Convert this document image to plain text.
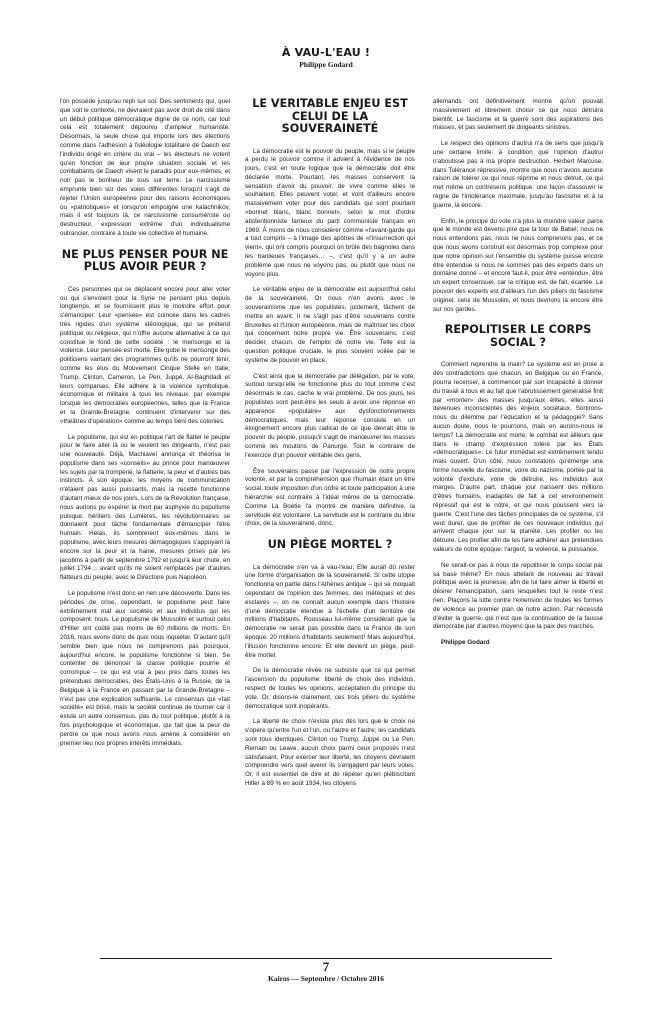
À VAU-L'EAU !
Philippe Godard

l'on possède jusqu'au repli sur soi. Des sentiments qui, quel que soit le contexte, ne devraient pas avoir droit de cité dans un début politique démocratique digne de ce nom, car tout cela est totalement dépourvu d'ampleur humaniste. Désormais, la seule chose qui importe lors des élections comme dans l'adhésion à l'idéologie totalitaire de Daech est l'individu érigé en critère du vrai – les électeurs ne votent qu'en fonction de leur propre situation sociale et les combattants de Daech visent le paradis pour eux-mêmes, et non pas le bonheur de tous sur terre. Le narcissisme emprunte bien sûr des voies différentes lorsqu'il s'agit de rejeter l'Union européenne pour des raisons économiques ou «patriotiques» et lorsqu'on empoigne une kalachnikov, mais il est toujours là, ce narcissisme consumériste ou destructeur, expression extrême d'un individualisme outrancier, contraire à toute vie collective et humaine.

NE PLUS PENSER POUR NE PLUS AVOIR PEUR ?

Ces personnes qui se déplacent encore pour aller voter ou qui s'envolent pour la Syrie ne pensent plus depuis longtemps, et se fournissent plus le moindre effort pour s'émanciper. Leur «pensée» est coincée dans les cadres très rigides d'un système idéologique, qui se prétend politique ou religieux, qui n'offre aucune alternative à ce qui constitue le fond de cette société : le mensonge et la violence. Leur pensée est morte. Elle gobe le mensonge des politiciens vantant des programmes qu'ils ne pourront tenir, comme les élus du Mouvement Cinque Stelle en Italie, Trump, Clinton, Cameron, Le Pen, Juppé, Al-Baghdadi et leurs comparses. Elle adhère à la violence symbolique, économique et militaire à tous les niveaux, par exemple lorsque les démocraties européennes, telles que la France et la Grande-Bretagne, continuent d'intervenir sur des «théâtres d'opération» comme au temps béni des colonies.

Le populisme, qui est en politique l'art de flatter le peuple pour le faire aller là où le veulent les dirigeants, n'est pas une nouveauté. Déjà, Machiavel annonça et théorisa le populisme dans ses «conseils» au prince pour manœuvrer les sujets par la tromperie, la flatterie, la peur et d'autres bas instincts. À son époque, les moyens de communication n'étaient pas aussi puissants, mais la recette fonctionne d'autant mieux de nos jours. Lors de la Révolution française, nous aurions pu espérer la mort par asphyxie du populisme puisque, héritiers des Lumières, les révolutionnaires se donnaient pour tâche fondamentale d'émanciper l'être humain. Hélas, ils sombrèrent eux-mêmes dans le populisme, avec leurs mesures démagogiques s'appuyant là encore sur la peur et la haine, mesures prises par les jacobins à partir de septembre 1792 et jusqu'à leur chute, en juillet 1794… avant qu'ils ne soient remplacés par d'autres flatteurs du peuple, avec le Directoire puis Napoléon.

Le populisme n'est donc en rien une découverte. Dans les périodes de crise, cependant, le populisme peut faire extrêmement mal aux sociétés et aux individus qui les composent: nous. Le populisme de Mussolini et surtout celui d'Hitler ont coûté pas moins de 60 millions de morts. En 2016, nous avons donc de quoi nous inquiéter. D'autant qu'il semble bien que nous ne comprenons pas pourquoi, aujourd'hui encore, le populisme fonctionne si bien. Se contenter de dénoncer la classe politique pourrie et corrompue – ce qui est vrai à peu près dans toutes les prétendues démocraties, des États-Unis à la Russie, de la Belgique à la France en passant par la Grande-Bretagne – n'est pas une explication suffisante. Le consensus qui «fait société» est brisé, mais la société continue de tourner car il existe un autre consensus, pas du tout politique, plutôt à la fois psychologique et économique, qui fait que la peur de perdre ce que nous avons nous amène à considérer en premier lieu nos propres intérêts immédiats.

LE VÉRITABLE ENJEU EST CELUI DE LA SOUVERAINETÉ

La démocratie est le pouvoir du peuple, mais si le peuple a perdu le pouvoir comme il advient à l'évidence de nos jours, c'est en toute logique que la démocratie doit être déclarée morte. Pourtant, les masses conservent la sensation d'avoir du pouvoir, de vivre comme elles le souhaitent. Elles peuvent voter, et vont d'ailleurs encore massivement voter pour des candidats qui sont pourtant «bonnet blanc, blanc bonnet», selon le mot d'ordre abstentionniste fameux du parti communiste français en 1969. À moins de nous considérer comme «l'avant-garde qui a tout compris – à l'image des apôtres de «l'insurrection qui vient», qui ont compris pourquoi on brûle des bagnoles dans les banlieues françaises… –, c'est qu'il y a un autre problème que nous ne voyons pas, ou plutôt que nous ne voyons plus.

Le véritable enjeu de la démocratie est aujourd'hui celui de la souveraineté. Or nous n'en avons avec le souverainisme que les populistes, justement, tâchent de mettre en avant. Il ne s'agit pas d'être souverains contre Bruxelles et l'Union européenne, mais de maîtriser les choix qui concernent notre propre vie. Être souverains, c'est décider, chacun, de l'emploi de notre vie. Telle est la question politique cruciale, le plus souvent voilée par le système de pouvoir en place.

C'est ainsi que la démocratie par délégation, par le vote, surtout lorsqu'elle ne fonctionne plus du tout comme c'est désormais le cas, cache le vrai problème. De nos jours, les populistes sont peut-être les seuls à avoir une réponse en apparence «populaire» aux dysfonctionnements démocratiques, mais leur réponse consiste en un éloignement encore plus radical de ce que devrait être le pouvoir du peuple, puisqu'il s'agit de manœuvrer les masses comme les moutons de Panurge. Tout le contraire de l'exercice d'un pouvoir véritable des gens.

Être souverains passe par l'expression de notre propre volonté, et par la compréhension que l'humain étant un être social, toute imposition d'un ordre et toute participation à une hiérarchie est contraire à l'idéal même de la démocratie. Comme La Boétie l'a montré de manière définitive, la servitude est volontaire. La servitude est le contraire du libre choix, de la souveraineté, donc.

UN PIÈGE MORTEL ?

La démocratie s'en va à vau-l'eau. Elle aurait dû rester une forme d'organisation de la souveraineté. Si cette utopie fonctionna en partie dans l'Athènes antique – qui se moquait cependant de l'opinion des femmes, des métèques et des esclaves –, on ne connaît aucun exemple dans l'histoire d'une démocratie étendue à l'échelle d'un territoire de millions d'habitants. Rousseau lui-même considérait que la démocratie ne serait pas possible dans la France de son époque: 20 millions d'habitants seulement! Mais aujourd'hui, l'illusion fonctionne encore. Et elle devient un piège, peut-être mortel.

De la démocratie rêvée ne subsiste que ce qui permet l'ascension du populisme: liberté de choix des individus, respect de toutes les opinions, acceptation du principe du vote. Or, disons-le clairement, ces trois piliers du système démocratique sont inopérants.

La liberté de choix n'existe plus dès lors que le choix ne s'opère qu'entre l'un et l'un, ou l'autre et l'autre; les candidats sont tous identiques. Clinton ou Trump, Juppé ou Le Pen, Remain ou Leave, aucun choix parmi ceux proposés n'est satisfaisant. Pour exercer leur liberté, les citoyens devraient comprendre vers quel avenir ils s'engagent par leurs votes. Or, il est essentiel de dire et de répéter qu'en plébiscitant Hitler à 89 % en août 1934, les citoyens

allemands ont définitivement montré qu'on pouvait massivement et librement choisir ce qui nous détruira bientôt. Le fascisme et la guerre sont des aspirations des masses, et pas seulement de dirigeants sinistres.

Le respect des opinions d'autrui n'a de sens que jusqu'à une certaine limite: à condition que l'opinion d'autrui n'aboutisse pas à ma propre destruction. Herbert Marcuse, dans Tolérance répressive, montre que nous n'avons aucune raison de tolérer ce qui nous réprime et nous détruit, ce qui met même un contresens politique: une façon d'assouvir le règne de l'intolérance maximale, jusqu'au fascisme et à la guerre, là encore.

Enfin, le principe du vote n'a plus la moindre valeur parce que le monde est devenu pire que la tour de Babel: nous ne nous entendons pas, nous ne nous comprenons pas, et ce que nous avons construit est désormais trop complexe pour que notre opinion sur l'ensemble du système puisse encore être entendue si nous ne sommes pas des experts dans un domaine donné – et encore faut-il, pour être «entendu», être un expert consensuel, car la critique est, de fait, écartée. Le pouvoir des experts est d'ailleurs l'un des piliers du fascisme originel, celui de Mussolini, et nous devrions là encore être sur nos gardes.

REPOLITISER LE CORPS SOCIAL ?

Comment reprendre la main? Le système est en proie à des contradictions que chacun, en Belgique ou en France, pourra recenser, à commencer par son incapacité à donner du travail à tous et au fait que l'abrutissement généralisé finit par «monter» des masses jusqu'aux élites, elles aussi devenues inconscientes des enjeux sociétaux. Sortirons-nous du dilemme par l'éducation et la pédagogie? Sans aucun doute, nous le pourrions, mais en aurons-nous le temps? La démocratie est morte; le combat est ailleurs que dans le champ d'expression toléré par les États «démocratiques». Le futur immédiat est extrêmement tendu mais ouvert. D'un côté, nous constatons qu'émerge une forme nouvelle du fascisme, voire du nazisme, portée par la volonté d'exclure, voire de détruire, les individus aux marges. D'autre part, chaque jour naissent des millions d'êtres humains, inadaptés de fait à cet environnement répressif qui est le nôtre, et qui nous poussent vers la guerre. C'est l'une des tâches principales de ce système, s'il veut durer, que de profiter de ces nouveaux individus qui arrivent chaque jour sur la planète. Les profiler ou les détruire. Les profiler afin de les faire adhérer aux prétendues valeurs de notre époque: l'argent, la violence, la puissance.

Ne serait-ce pas à nous de repolitiser le corps social par sa base même? En nous attelant de nouveau au travail politique avec la jeunesse, afin de lui faire aimer la liberté et désirer l'émancipation, sans lesquelles tout le reste n'est rien. Plaçons la lutte contre l'extension de toutes les formes de violence au premier plan de notre action. Par nécessité d'éviter la guerre, qui n'est que la continuation de la fausse démocratie par d'autres moyens que la paix des marchés.

Philippe Godard
7
Kairos — Septembre / Octobre 2016
